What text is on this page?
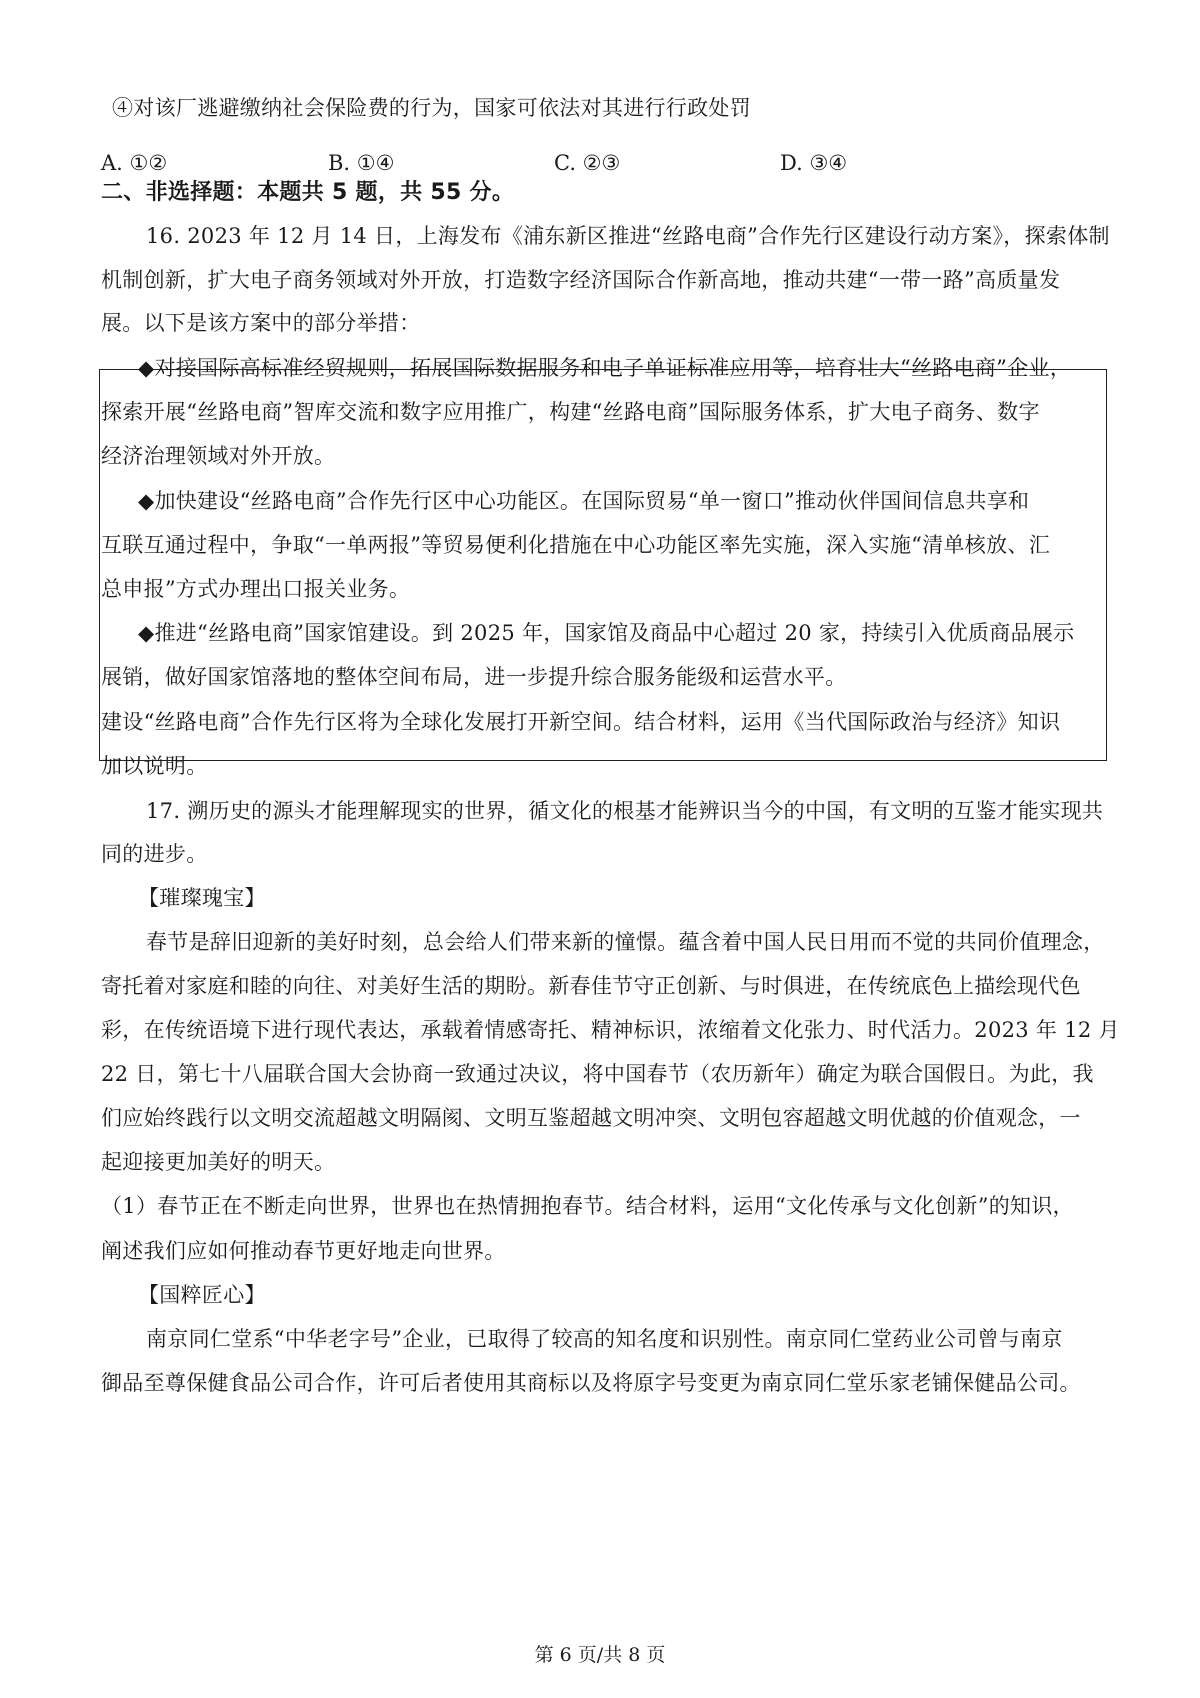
④对该厂逃避缴纳社会保险费的行为，国家可依法对其进行行政处罚
A. ①②	B. ①④	C. ②③	D. ③④
二、非选择题：本题共 5 题，共 55 分。
16. 2023 年 12 月 14 日，上海发布《浦东新区推进“丝路电商”合作先行区建设行动方案》，探索体制
机制创新，扩大电子商务领域对外开放，打造数字经济国际合作新高地，推动共建“一带一路”高质量发
展。以下是该方案中的部分举措：
◆对接国际高标准经贸规则，拓展国际数据服务和电子单证标准应用等，培育壮大“丝路电商”企业，
探索开展“丝路电商”智库交流和数字应用推广，构建“丝路电商”国际服务体系，扩大电子商务、数字
经济治理领域对外开放。
◆加快建设“丝路电商”合作先行区中心功能区。在国际贸易“单一窗口”推动伙伴国间信息共享和
互联互通过程中，争取“一单两报”等贸易便利化措施在中心功能区率先实施，深入实施“清单核放、汇
总申报”方式办理出口报关业务。
◆推进“丝路电商”国家馆建设。到 2025 年，国家馆及商品中心超过 20 家，持续引入优质商品展示
展销，做好国家馆落地的整体空间布局，进一步提升综合服务能级和运营水平。
建设“丝路电商”合作先行区将为全球化发展打开新空间。结合材料，运用《当代国际政治与经济》知识
加以说明。
17. 溯历史的源头才能理解现实的世界，循文化的根基才能辨识当今的中国，有文明的互鉴才能实现共
同的进步。
【璀璨瑰宝】
春节是辞旧迎新的美好时刻，总会给人们带来新的憧憬。蕴含着中国人民日用而不觉的共同价值理念，
寄托着对家庭和睦的向往、对美好生活的期盼。新春佳节守正创新、与时俱进，在传统底色上描绘现代色
彩，在传统语境下进行现代表达，承载着情感寄托、精神标识，浓缩着文化张力、时代活力。2023 年 12 月
22 日，第七十八届联合国大会协商一致通过决议，将中国春节（农历新年）确定为联合国假日。为此，我
们应始终践行以文明交流超越文明隔阂、文明互鉴超越文明冲突、文明包容超越文明优越的价值观念，一
起迎接更加美好的明天。
（1）春节正在不断走向世界，世界也在热情拥抱春节。结合材料，运用“文化传承与文化创新”的知识，
阐述我们应如何推动春节更好地走向世界。
【国粹匠心】
南京同仁堂系“中华老字号”企业，已取得了较高的知名度和识别性。南京同仁堂药业公司曾与南京
御品至尊保健食品公司合作，许可后者使用其商标以及将原字号变更为南京同仁堂乐家老铺保健品公司。
第 6 页/共 8 页
